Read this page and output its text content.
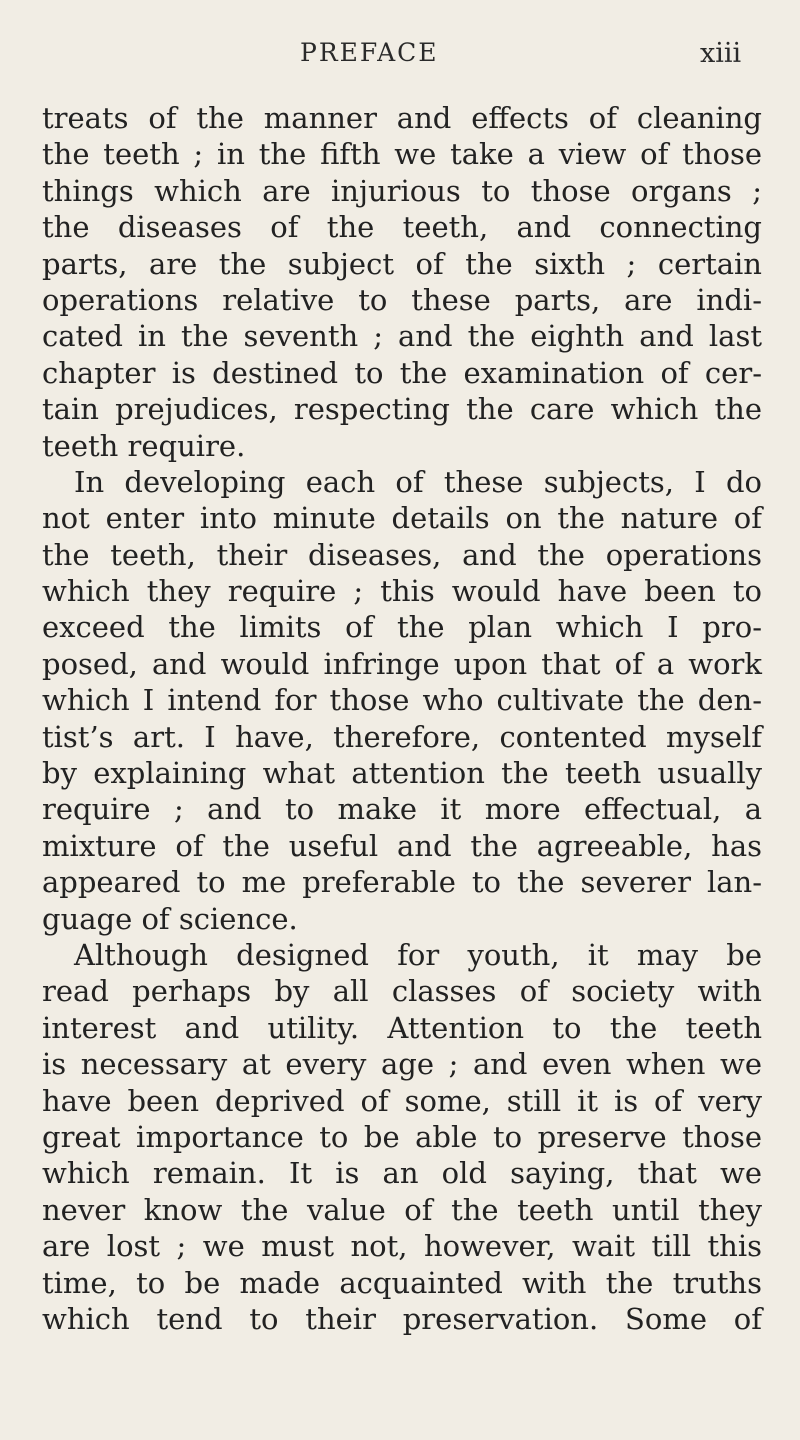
PREFACE	xiii
treats of the manner and effects of cleaning
the teeth ; in the fifth we take a view of those
things which are injurious to those organs ;
the diseases of the teeth, and connecting
parts, are the subject of the sixth ; certain
operations relative to these parts, are indi-
cated in the seventh ; and the eighth and last
chapter is destined to the examination of cer-
tain prejudices, respecting the care which the
teeth require.
In developing each of these subjects, I do
not enter into minute details on the nature of
the teeth, their diseases, and the operations
which they require ; this would have been to
exceed the limits of the plan which I pro-
posed, and would infringe upon that of a work
which I intend for those who cultivate the den-
tist’s art. I have, therefore, contented myself
by explaining what attention the teeth usually
require ; and to make it more effectual, a
mixture of the useful and the agreeable, has
appeared to me preferable to the severer lan-
guage of science.
Although designed for youth, it may be
read perhaps by all classes of society with
interest and utility. Attention to the teeth
is necessary at every age ; and even when we
have been deprived of some, still it is of very
great importance to be able to preserve those
which remain. It is an old saying, that we
never know the value of the teeth until they
are lost ; we must not, however, wait till this
time, to be made acquainted with the truths
which tend to their preservation. Some of
